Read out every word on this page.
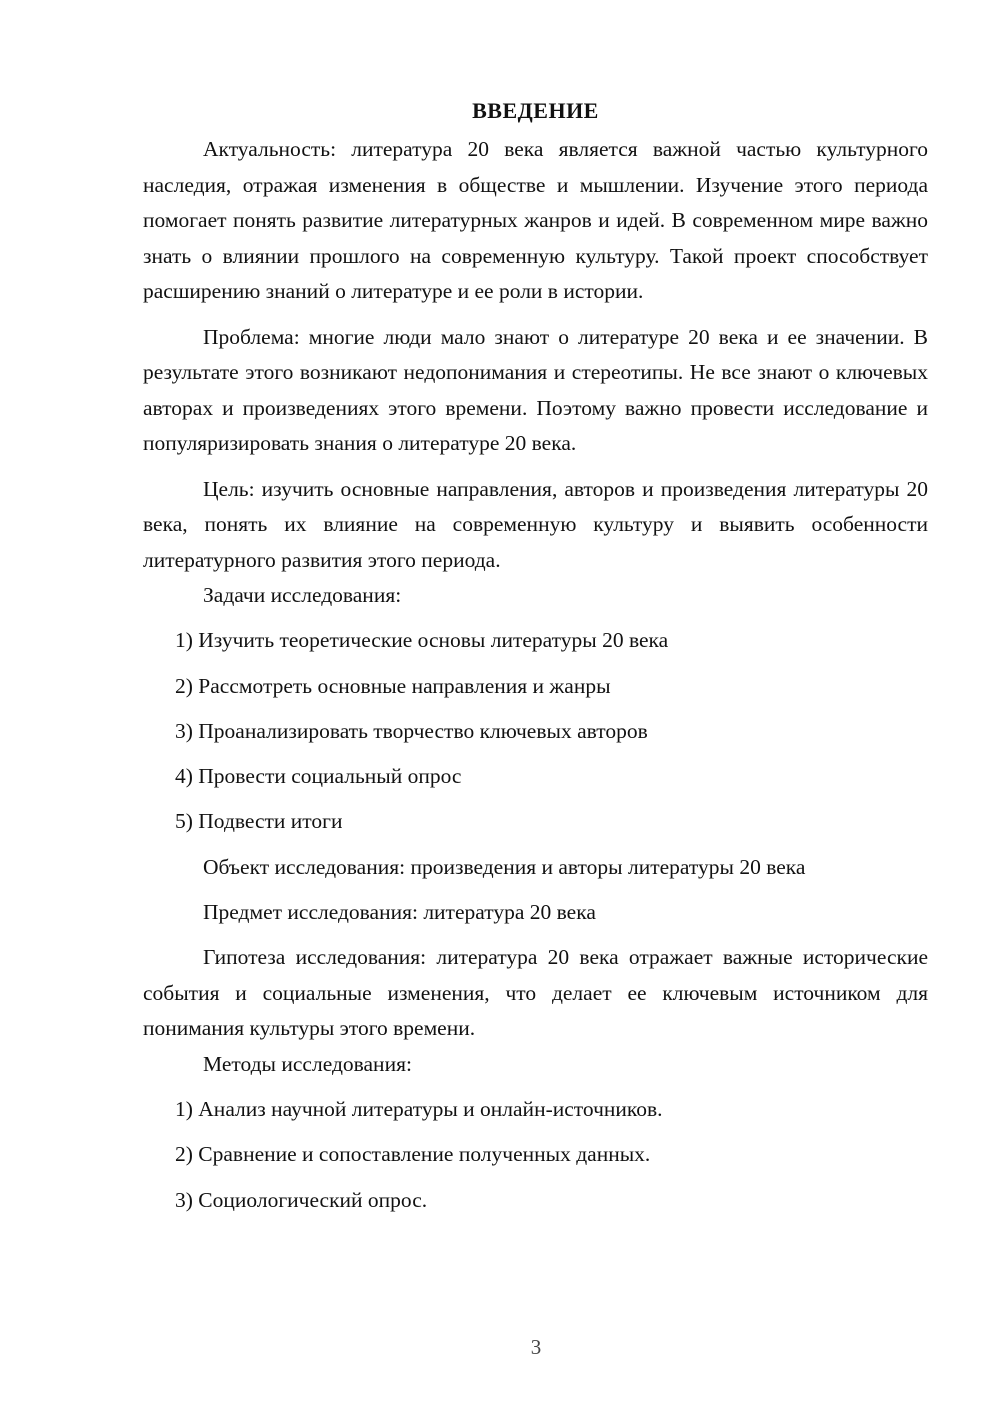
ВВЕДЕНИЕ

Актуальность: литература 20 века является важной частью культурного наследия, отражая изменения в обществе и мышлении. Изучение этого периода помогает понять развитие литературных жанров и идей. В современном мире важно знать о влиянии прошлого на современную культуру. Такой проект способствует расширению знаний о литературе и ее роли в истории.

Проблема: многие люди мало знают о литературе 20 века и ее значении. В результате этого возникают недопонимания и стереотипы. Не все знают о ключевых авторах и произведениях этого времени. Поэтому важно провести исследование и популяризировать знания о литературе 20 века.

Цель: изучить основные направления, авторов и произведения литературы 20 века, понять их влияние на современную культуру и выявить особенности литературного развития этого периода.

Задачи исследования:

1) Изучить теоретические основы литературы 20 века

2) Рассмотреть основные направления и жанры

3) Проанализировать творчество ключевых авторов

4) Провести социальный опрос

5) Подвести итоги

Объект исследования: произведения и авторы литературы 20 века

Предмет исследования: литература 20 века

Гипотеза исследования: литература 20 века отражает важные исторические события и социальные изменения, что делает ее ключевым источником для понимания культуры этого времени.

Методы исследования:

1) Анализ научной литературы и онлайн-источников.

2) Сравнение и сопоставление полученных данных.

3) Социологический опрос.

3
